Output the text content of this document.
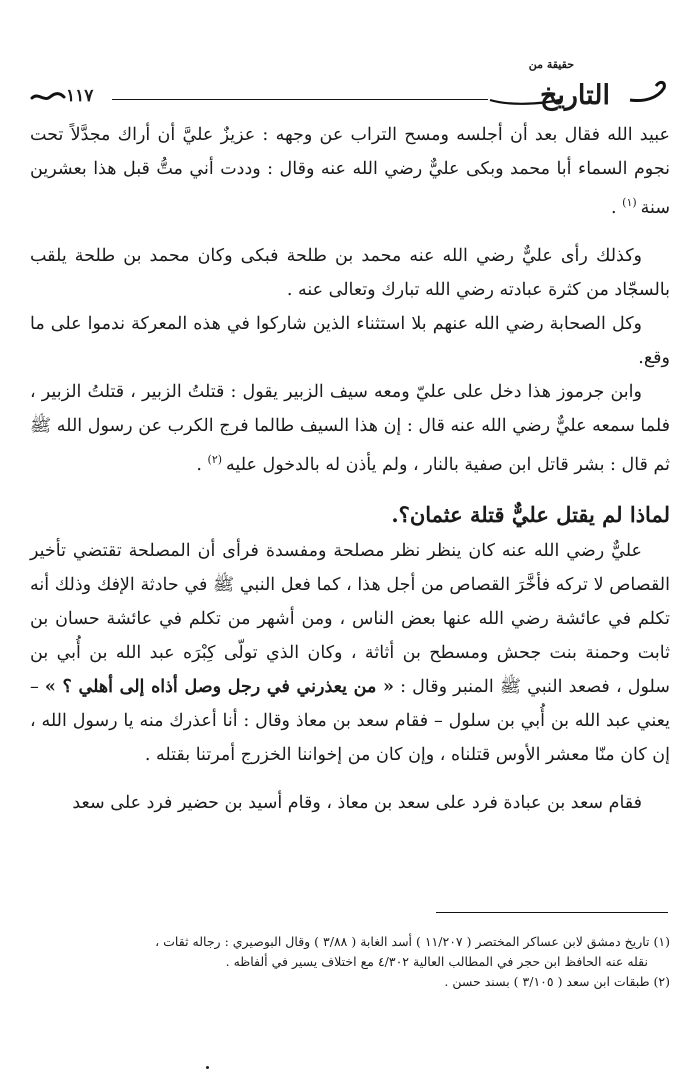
١١٧
حقيقة من
التاريخ

عبيد الله فقال بعد أن أجلسه ومسح التراب عن وجهه : عزيزٌ عليَّ أن أراك مجدَّلاً تحت نجوم السماء أبا محمد وبكى عليٌّ رضي الله عنه وقال : وددت أني متُّ قبل هذا بعشرين سنة$^{(١)}$ .

وكذلك رأى عليٌّ رضي الله عنه محمد بن طلحة فبكى وكان محمد بن طلحة يلقب بالسجّاد من كثرة عبادته رضي الله تبارك وتعالى عنه .

وكل الصحابة رضي الله عنهم بلا استثناء الذين شاركوا في هذه المعركة ندموا على ما وقع.

وابن جرموز هذا دخل على عليّ ومعه سيف الزبير يقول : قتلتُ الزبير ، قتلتُ الزبير ، فلما سمعه عليٌّ رضي الله عنه قال : إن هذا السيف طالما فرج الكرب عن رسول الله ﷺ ثم قال : بشر قاتل ابن صفية بالنار ، ولم يأذن له بالدخول عليه$^{(٢)}$ .

لماذا لم يقتل عليٌّ قتلة عثمان؟.

عليٌّ رضي الله عنه كان ينظر نظر مصلحة ومفسدة فرأى أن المصلحة تقتضي تأخير القصاص لا تركه فأخَّرَ القصاص من أجل هذا ، كما فعل النبي ﷺ في حادثة الإفك وذلك أنه تكلم في عائشة رضي الله عنها بعض الناس ، ومن أشهر من تكلم في عائشة حسان بن ثابت وحمنة بنت جحش ومسطح بن أثاثة ، وكان الذي تولّى كِبْرَه عبد الله بن أُبي بن سلول ، فصعد النبي ﷺ المنبر وقال : « من يعذرني في رجل وصل أذاه إلى أهلي ؟ » – يعني عبد الله بن أُبي بن سلول – فقام سعد بن معاذ وقال : أنا أعذرك منه يا رسول الله ، إن كان منّا معشر الأوس قتلناه ، وإن كان من إخواننا الخزرج أمرتنا بقتله .

فقام سعد بن عبادة فرد على سعد بن معاذ ، وقام أسيد بن حضير فرد على سعد

(١) تاريخ دمشق لابن عساكر المختصر ( ١١/٢٠٧ ) أسد الغابة ( ٣/٨٨ ) وقال البوصيري : رجاله ثقات ،

نقله عنه الحافظ ابن حجر في المطالب العالية ٤/٣٠٢ مع اختلاف يسير في ألفاظه .

(٢) طبقات ابن سعد ( ٣/١٠٥ ) بسند حسن .
